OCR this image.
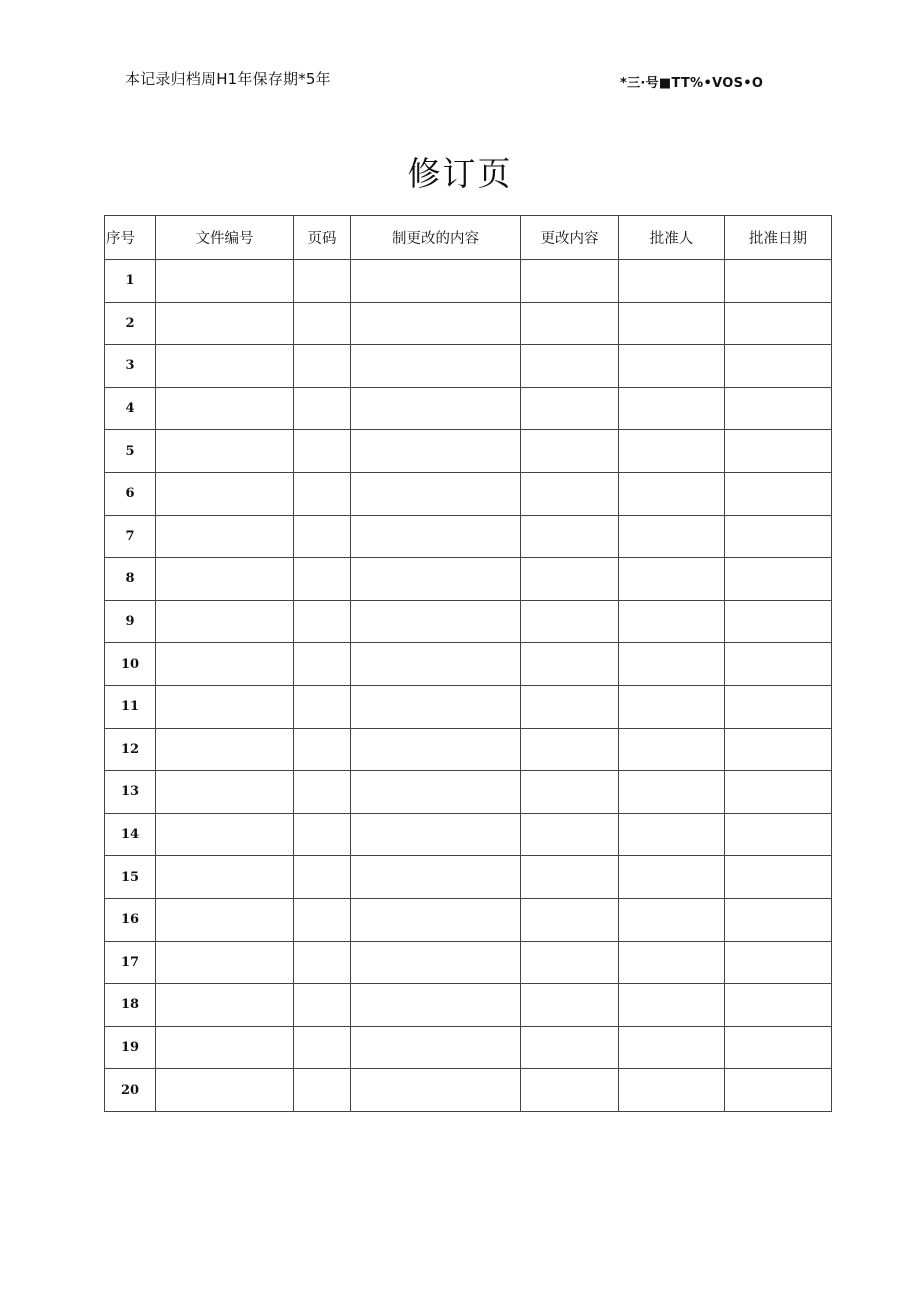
本记录归档周H1年保存期*5年	*三·号■TT%•VOS•O
修订页
序号	文件编号	页码	制更改的内容	更改内容	批准人	批准日期
1						
2						
3						
4						
5						
6						
7						
8						
9						
10						
11						
12						
13						
14						
15						
16						
17						
18						
19						
20						
